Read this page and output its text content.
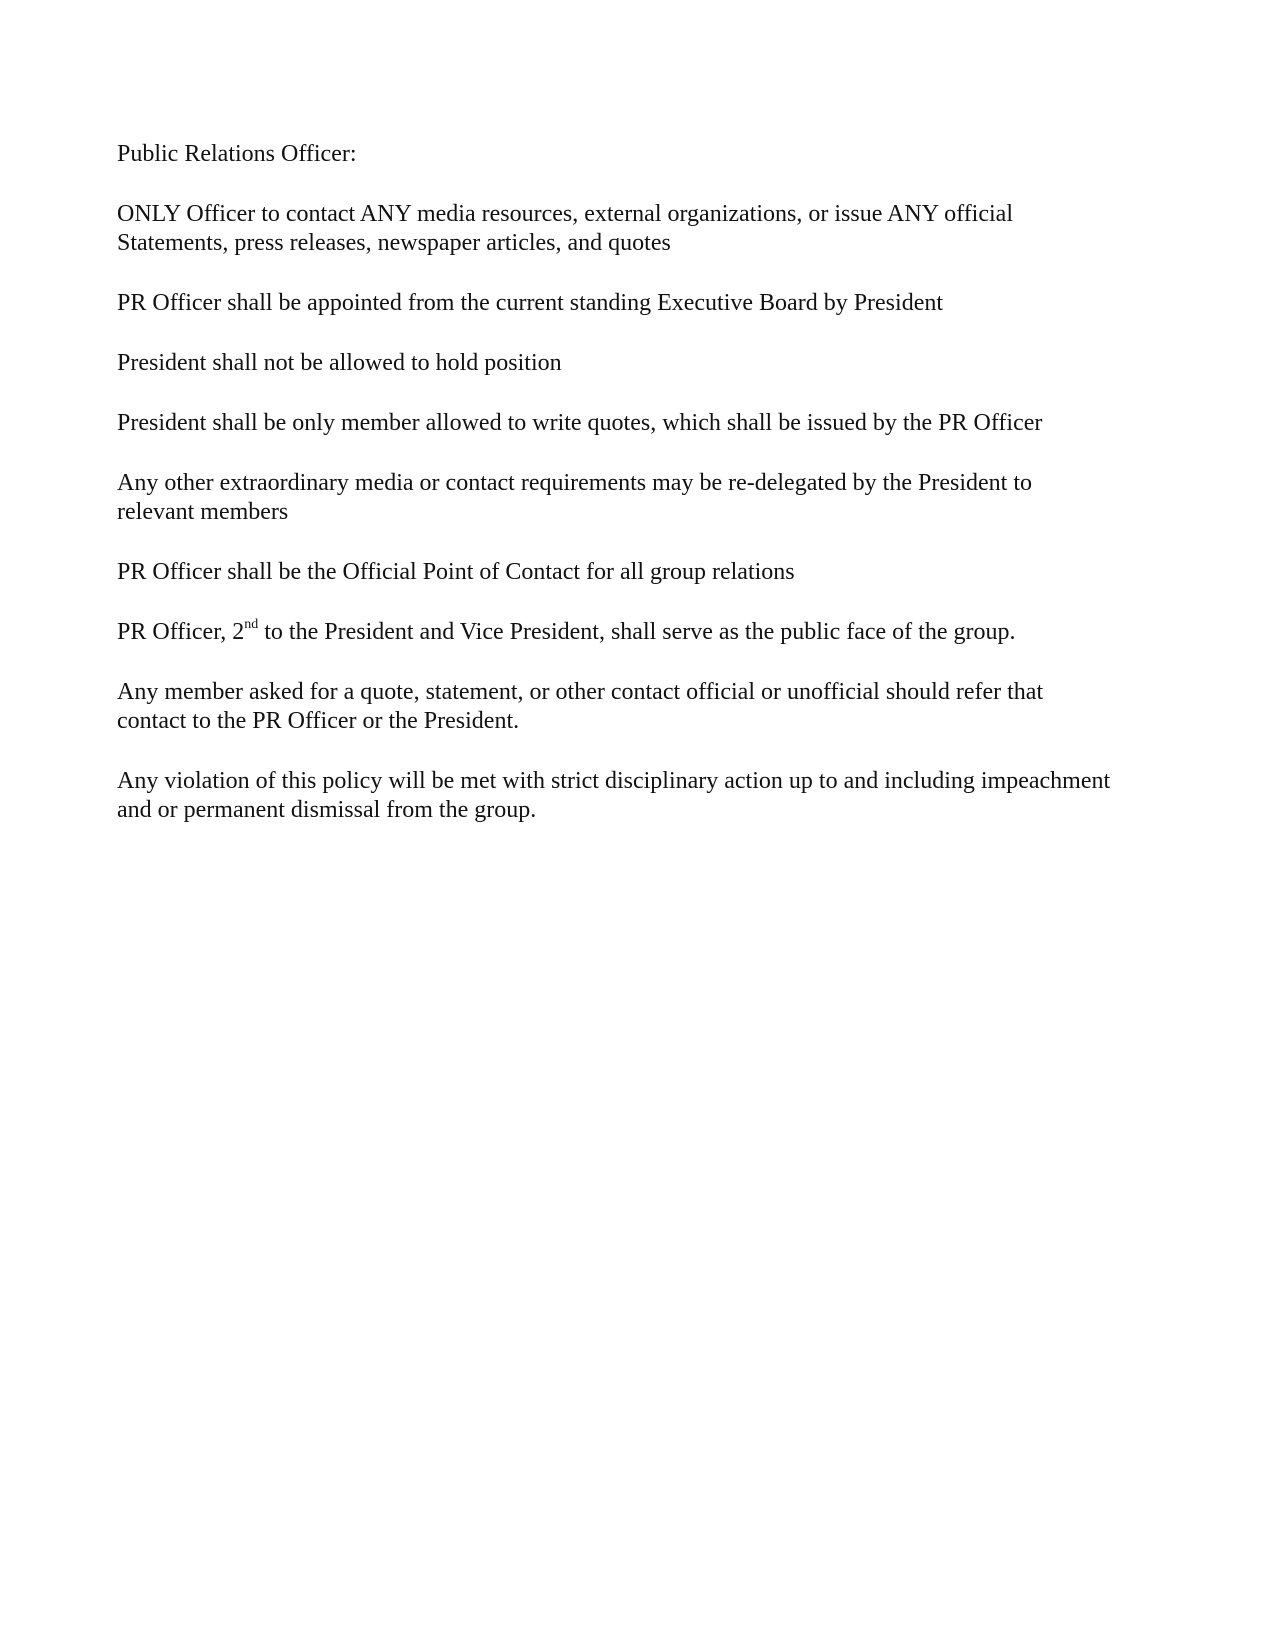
Public Relations Officer:

ONLY Officer to contact ANY media resources, external organizations, or issue ANY official
Statements, press releases, newspaper articles, and quotes

PR Officer shall be appointed from the current standing Executive Board by President

President shall not be allowed to hold position

President shall be only member allowed to write quotes, which shall be issued by the PR Officer

Any other extraordinary media or contact requirements may be re-delegated by the President to
relevant members

PR Officer shall be the Official Point of Contact for all group relations

PR Officer, 2nd to the President and Vice President, shall serve as the public face of the group.

Any member asked for a quote, statement, or other contact official or unofficial should refer that
contact to the PR Officer or the President.

Any violation of this policy will be met with strict disciplinary action up to and including impeachment
and or permanent dismissal from the group.
